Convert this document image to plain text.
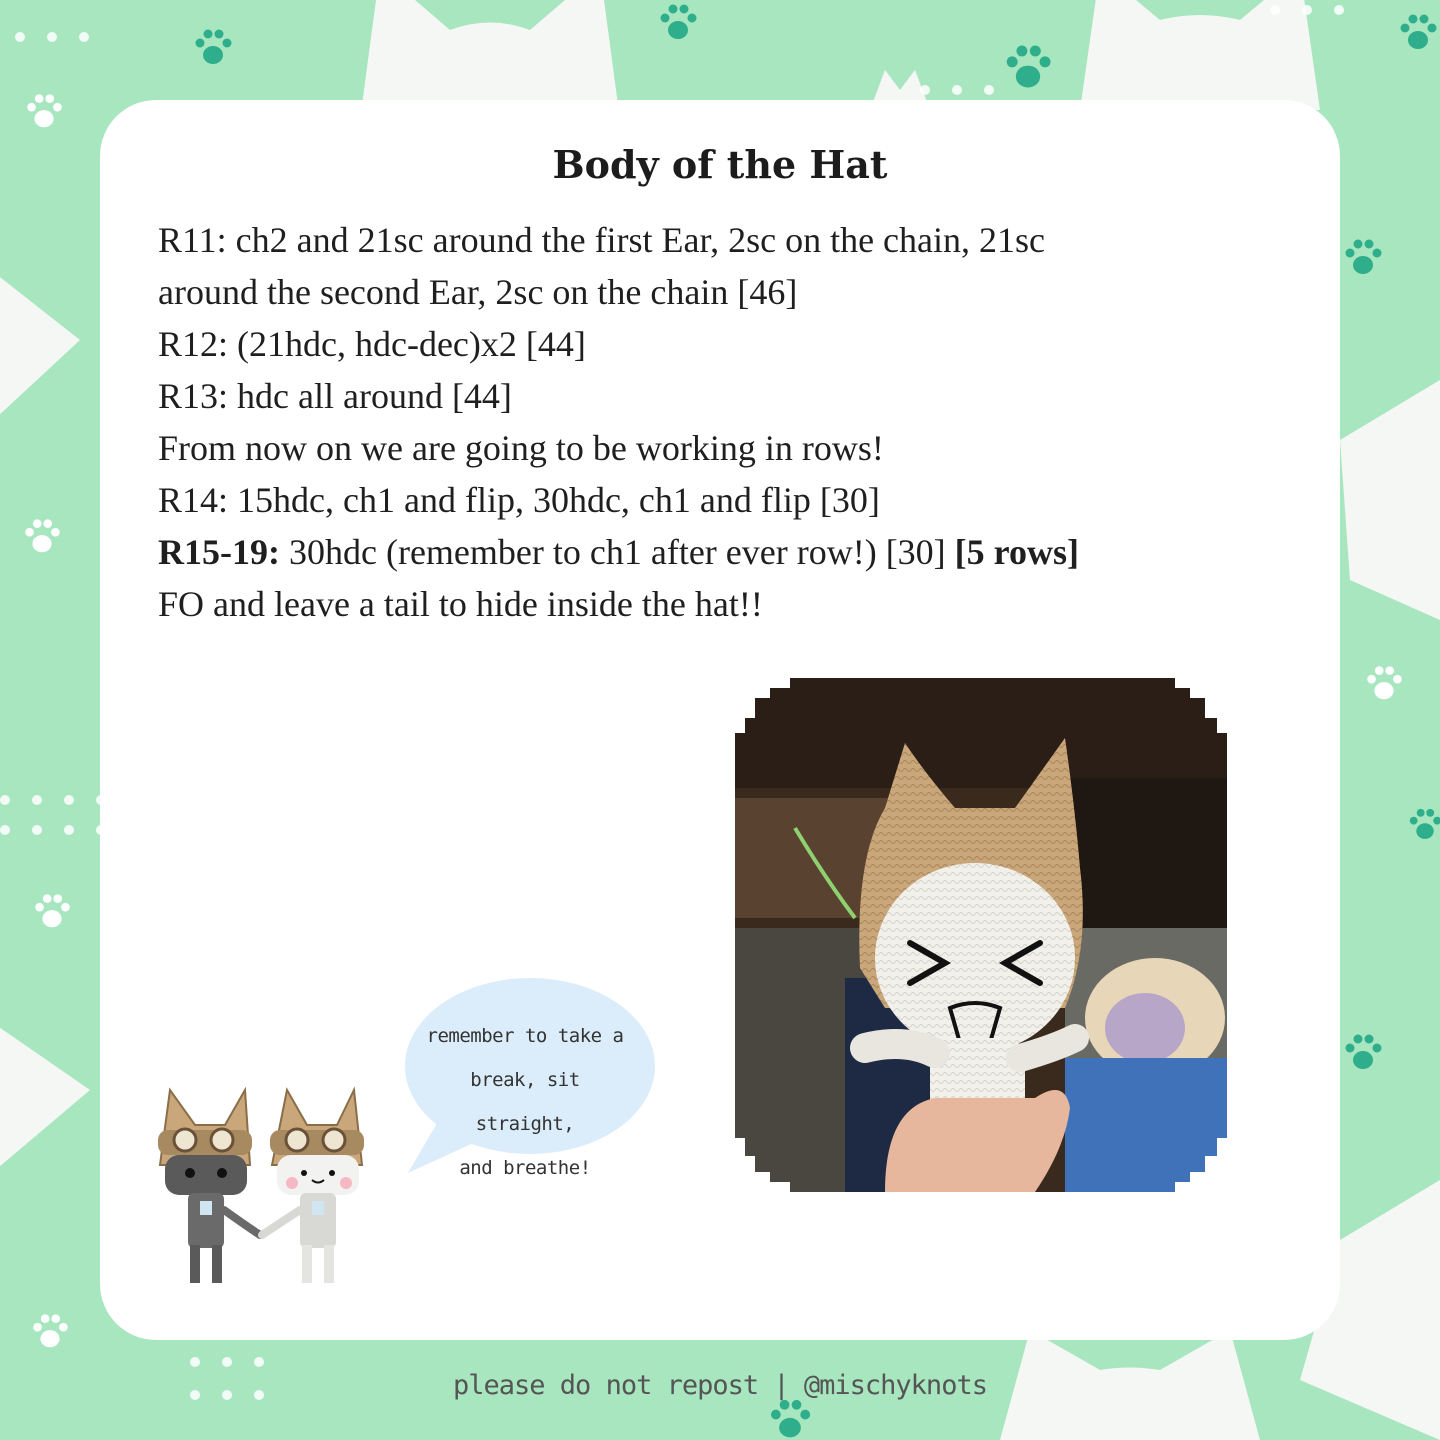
Body of the Hat
R11: ch2 and 21sc around the first Ear, 2sc on the chain, 21sc
around the second Ear, 2sc on the chain [46]
R12: (21hdc, hdc-dec)x2 [44]
R13: hdc all around [44]
From now on we are going to be working in rows!
R14: 15hdc, ch1 and flip, 30hdc, ch1 and flip [30]
R15-19: 30hdc (remember to ch1 after ever row!) [30] [5 rows]
FO and leave a tail to hide inside the hat!!
remember to take a
break, sit straight,
and breathe!
please do not repost | @mischyknots
